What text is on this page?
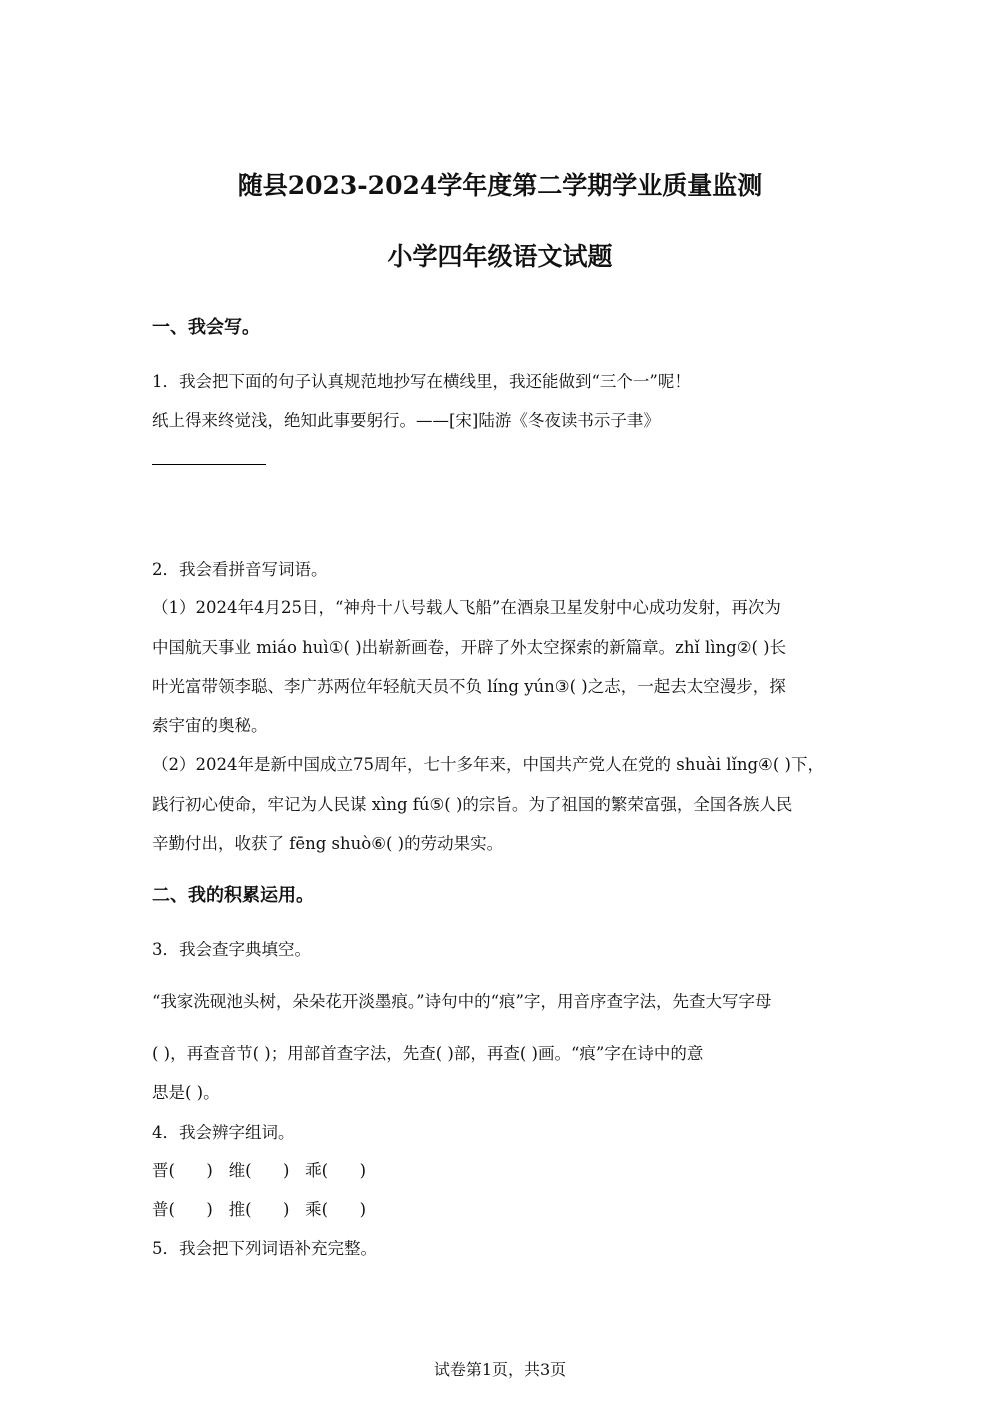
随县2023-2024学年度第二学期学业质量监测
小学四年级语文试题
一、我会写。
1．我会把下面的句子认真规范地抄写在横线里，我还能做到“三个一”呢！
纸上得来终觉浅，绝知此事要躬行。——[宋]陆游《冬夜读书示子聿》
2．我会看拼音写词语。
（1）2024年4月25日，“神舟十八号载人飞船”在酒泉卫星发射中心成功发射，再次为
中国航天事业 miáo huì①( )出崭新画卷，开辟了外太空探索的新篇章。zhǐ lìng②( )长
叶光富带领李聪、李广苏两位年轻航天员不负 líng yún③( )之志，一起去太空漫步，探
索宇宙的奥秘。
（2）2024年是新中国成立75周年，七十多年来，中国共产党人在党的 shuài lǐng④( )下，
践行初心使命，牢记为人民谋 xìng fú⑤( )的宗旨。为了祖国的繁荣富强，全国各族人民
辛勤付出，收获了 fēng shuò⑥( )的劳动果实。
二、我的积累运用。
3．我会查字典填空。
“我家洗砚池头树，朵朵花开淡墨痕。”诗句中的“痕”字，用音序查字法，先查大写字母
( )，再查音节( )；用部首查字法，先查( )部，再查( )画。“痕”字在诗中的意
思是( )。
4．我会辨字组词。
晋(      )   维(      )   乖(      )
普(      )   推(      )   乘(      )
5．我会把下列词语补充完整。
试卷第1页，共3页
